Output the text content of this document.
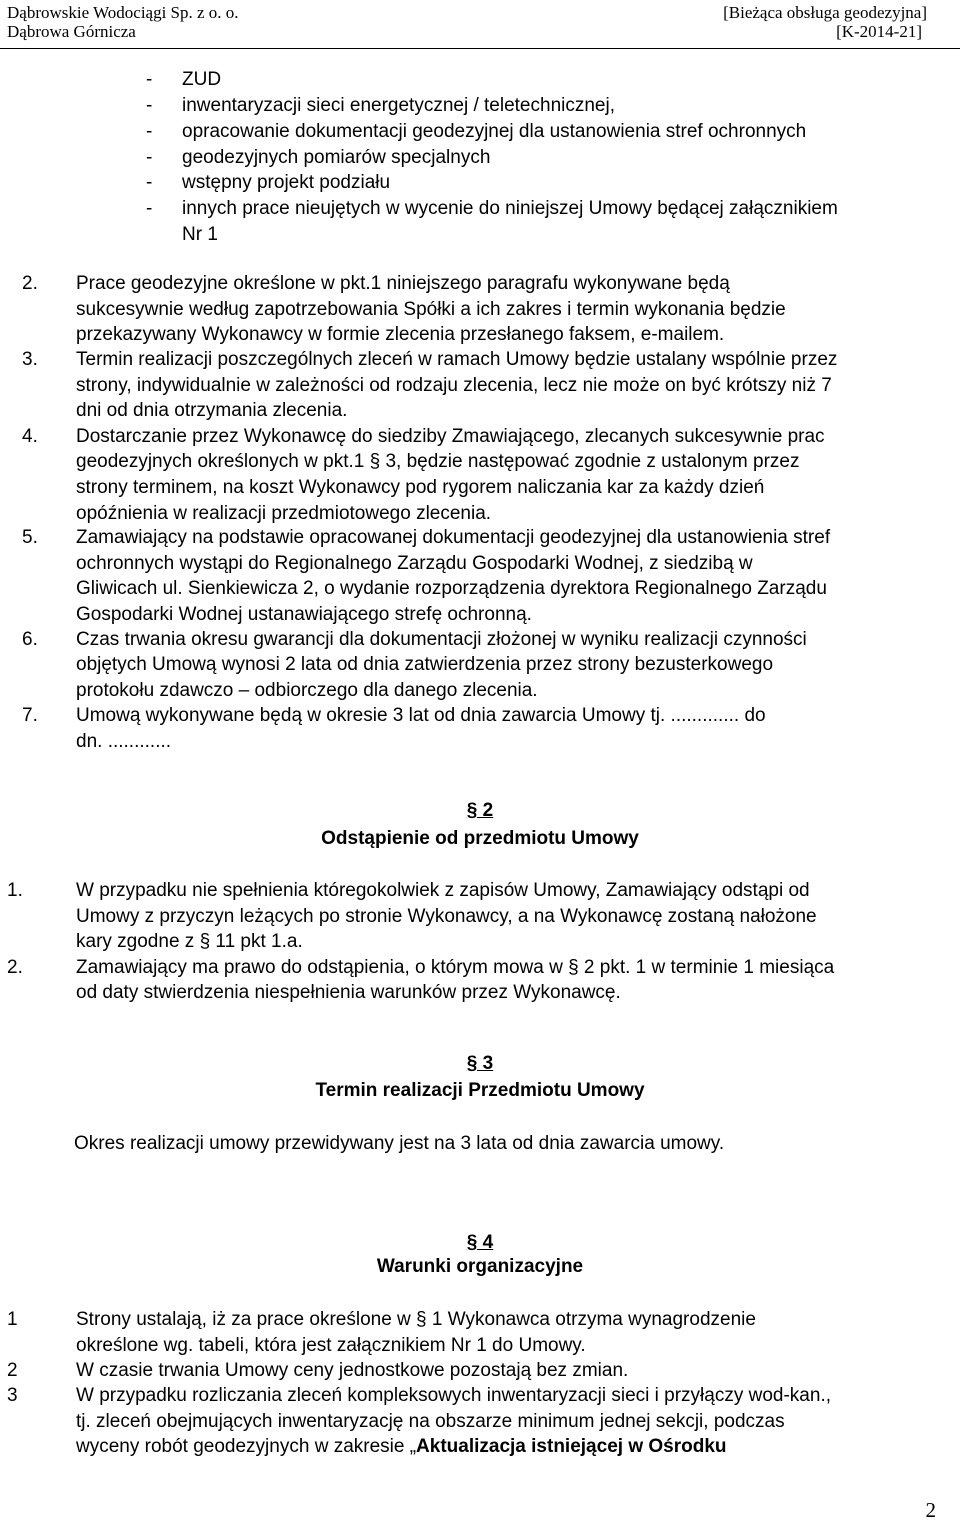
Dąbrowskie Wodociągi Sp. z o. o.
Dąbrowa Górnicza
[Bieżąca obsługa geodezyjna]
[K-2014-21]
- ZUD
- inwentaryzacji sieci energetycznej / teletechnicznej,
- opracowanie dokumentacji geodezyjnej dla ustanowienia stref ochronnych
- geodezyjnych pomiarów specjalnych
- wstępny projekt podziału
- innych prace nieujętych w wycenie do niniejszej Umowy będącej załącznikiem
Nr 1
2. Prace geodezyjne określone w pkt.1 niniejszego paragrafu wykonywane będą
sukcesywnie według zapotrzebowania Spółki a ich zakres i termin wykonania będzie
przekazywany Wykonawcy w formie zlecenia przesłanego faksem, e-mailem.
3. Termin realizacji poszczególnych zleceń w ramach Umowy będzie ustalany wspólnie przez
strony, indywidualnie w zależności od rodzaju zlecenia, lecz nie może on być krótszy niż 7
dni od dnia otrzymania zlecenia.
4. Dostarczanie przez Wykonawcę do siedziby Zmawiającego, zlecanych sukcesywnie prac
geodezyjnych określonych w pkt.1 § 3, będzie następować zgodnie z ustalonym przez
strony terminem, na koszt Wykonawcy pod rygorem naliczania kar za każdy dzień
opóźnienia w realizacji przedmiotowego zlecenia.
5. Zamawiający na podstawie opracowanej dokumentacji geodezyjnej dla ustanowienia stref
ochronnych wystąpi do Regionalnego Zarządu Gospodarki Wodnej, z siedzibą w
Gliwicach ul. Sienkiewicza 2, o wydanie rozporządzenia dyrektora Regionalnego Zarządu
Gospodarki Wodnej ustanawiającego strefę ochronną.
6. Czas trwania okresu gwarancji dla dokumentacji złożonej w wyniku realizacji czynności
objętych Umową wynosi 2 lata od dnia zatwierdzenia przez strony bezusterkowego
protokołu zdawczo – odbiorczego dla danego zlecenia.
7. Umową wykonywane będą w okresie 3 lat od dnia zawarcia Umowy tj. ............. do
dn. ............
§ 2
Odstąpienie od przedmiotu Umowy
1.	W przypadku nie spełnienia któregokolwiek z zapisów Umowy, Zamawiający odstąpi od
Umowy z przyczyn leżących po stronie Wykonawcy, a na Wykonawcę zostaną nałożone
kary zgodne z § 11 pkt 1.a.
2.	Zamawiający ma prawo do odstąpienia, o którym mowa w § 2 pkt. 1 w terminie 1 miesiąca
od daty stwierdzenia niespełnienia warunków przez Wykonawcę.
§ 3
Termin realizacji Przedmiotu Umowy
Okres realizacji umowy przewidywany jest na 3 lata od dnia zawarcia umowy.
§ 4
Warunki organizacyjne
1	Strony ustalają, iż za prace określone w § 1 Wykonawca otrzyma wynagrodzenie
określone wg. tabeli, która jest załącznikiem Nr 1 do Umowy.
2	W czasie trwania Umowy ceny jednostkowe pozostają bez zmian.
3	W przypadku rozliczania zleceń kompleksowych inwentaryzacji sieci i przyłączy wod-kan.,
tj. zleceń obejmujących inwentaryzację na obszarze minimum jednej sekcji, podczas
wyceny robót geodezyjnych w zakresie „Aktualizacja istniejącej w Ośrodku
2
